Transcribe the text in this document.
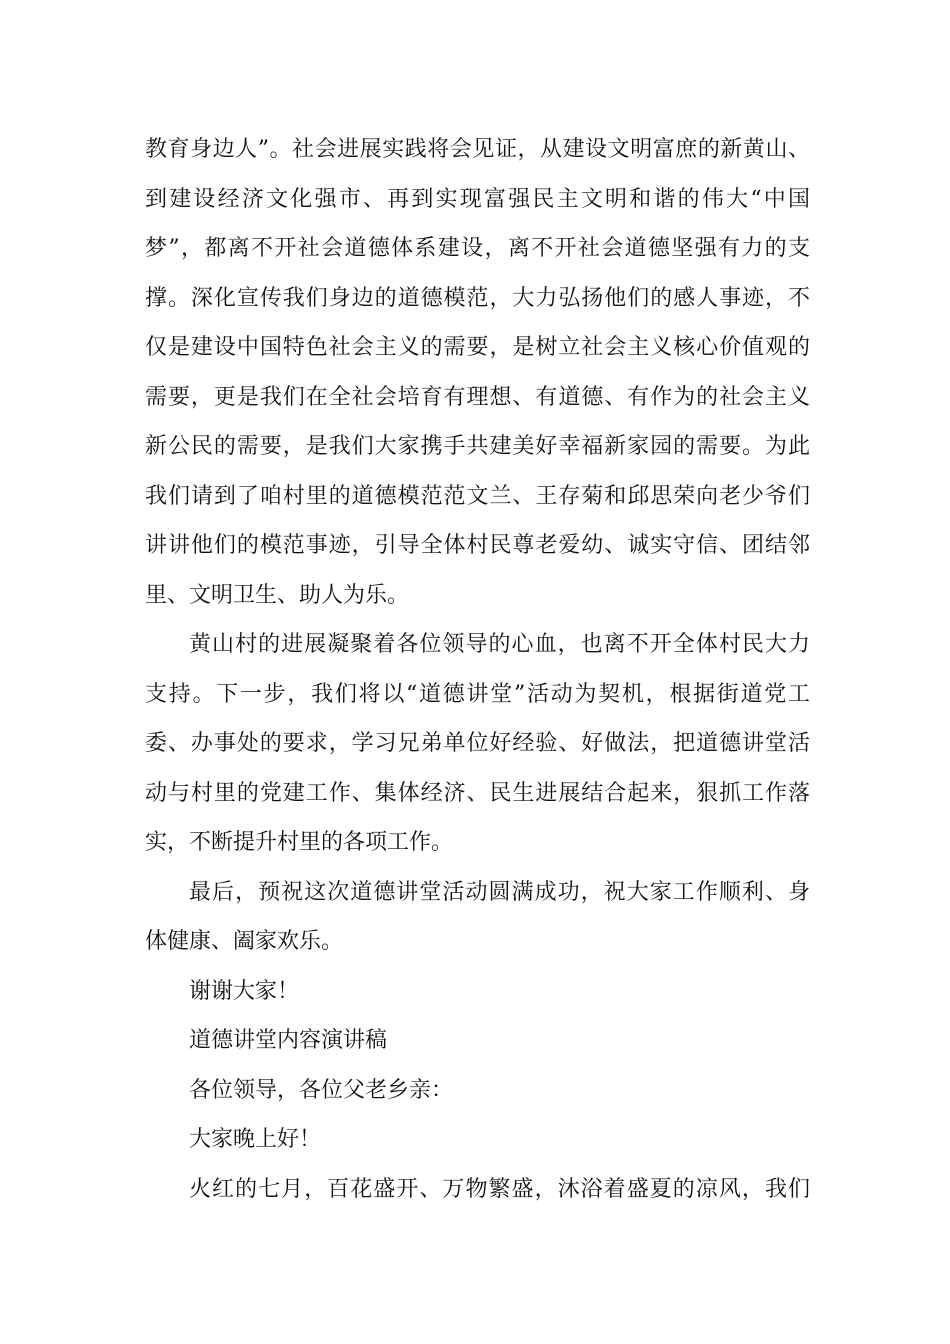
教育身边人”。社会进展实践将会见证，从建设文明富庶的新黄山、
到建设经济文化强市、再到实现富强民主文明和谐的伟大“中国
梦”，都离不开社会道德体系建设，离不开社会道德坚强有力的支
撑。深化宣传我们身边的道德模范，大力弘扬他们的感人事迹，不
仅是建设中国特色社会主义的需要，是树立社会主义核心价值观的
需要，更是我们在全社会培育有理想、有道德、有作为的社会主义
新公民的需要，是我们大家携手共建美好幸福新家园的需要。为此
我们请到了咱村里的道德模范范文兰、王存菊和邱思荣向老少爷们
讲讲他们的模范事迹，引导全体村民尊老爱幼、诚实守信、团结邻
里、文明卫生、助人为乐。

黄山村的进展凝聚着各位领导的心血，也离不开全体村民大力
支持。下一步，我们将以“道德讲堂”活动为契机，根据街道党工
委、办事处的要求，学习兄弟单位好经验、好做法，把道德讲堂活
动与村里的党建工作、集体经济、民生进展结合起来，狠抓工作落
实，不断提升村里的各项工作。

最后，预祝这次道德讲堂活动圆满成功，祝大家工作顺利、身
体健康、阖家欢乐。

谢谢大家！

道德讲堂内容演讲稿

各位领导，各位父老乡亲：

大家晚上好！

火红的七月，百花盛开、万物繁盛，沐浴着盛夏的凉风，我们
